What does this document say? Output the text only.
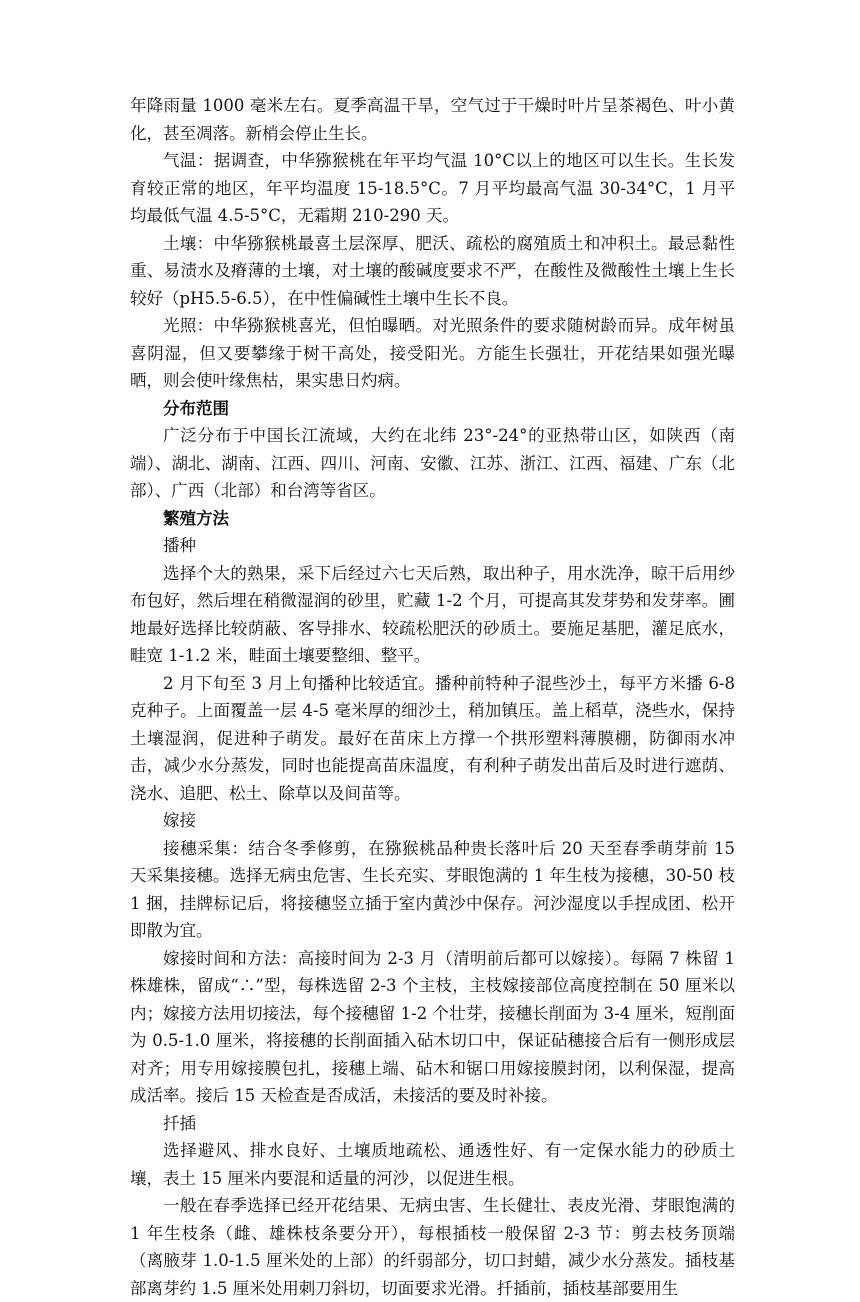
年降雨量 1000 毫米左右。夏季高温干旱，空气过于干燥时叶片呈茶褐色、叶小黄化，甚至凋落。新梢会停止生长。

气温：据调查，中华猕猴桃在年平均气温 10°C以上的地区可以生长。生长发育较正常的地区，年平均温度 15-18.5°C。7 月平均最高气温 30-34°C，1 月平均最低气温 4.5-5°C，无霜期 210-290 天。

土壤：中华猕猴桃最喜土层深厚、肥沃、疏松的腐殖质土和冲积土。最忌黏性重、易渍水及瘠薄的土壤，对土壤的酸碱度要求不严，在酸性及微酸性土壤上生长较好（pH5.5-6.5），在中性偏碱性土壤中生长不良。

光照：中华猕猴桃喜光，但怕曝晒。对光照条件的要求随树龄而异。成年树虽喜阴湿，但又要攀缘于树干高处，接受阳光。方能生长强壮，开花结果如强光曝晒，则会使叶缘焦枯，果实患日灼病。

分布范围

广泛分布于中国长江流域，大约在北纬 23°-24°的亚热带山区，如陕西（南端）、湖北、湖南、江西、四川、河南、安徽、江苏、浙江、江西、福建、广东（北部）、广西（北部）和台湾等省区。

繁殖方法

播种

选择个大的熟果，采下后经过六七天后熟，取出种子，用水洗净，晾干后用纱布包好，然后埋在稍微湿润的砂里，贮藏 1-2 个月，可提高其发芽势和发芽率。圃地最好选择比较荫蔽、客导排水、较疏松肥沃的砂质土。要施足基肥，灌足底水，畦宽 1-1.2 米，畦面土壤要整细、整平。

2 月下旬至 3 月上旬播种比较适宜。播种前特种子混些沙土，每平方米播 6-8 克种子。上面覆盖一层 4-5 毫米厚的细沙土，稍加镇压。盖上稻草，浇些水，保持土壤湿润，促进种子萌发。最好在苗床上方撑一个拱形塑料薄膜棚，防御雨水冲击，减少水分蒸发，同时也能提高苗床温度，有利种子萌发出苗后及时进行遮荫、浇水、追肥、松土、除草以及间苗等。

嫁接

接穗采集：结合冬季修剪，在猕猴桃品种贵长落叶后 20 天至春季萌芽前 15 天采集接穗。选择无病虫危害、生长充实、芽眼饱满的 1 年生枝为接穗，30-50 枝 1 捆，挂牌标记后，将接穗竖立插于室内黄沙中保存。河沙湿度以手捏成团、松开即散为宜。

嫁接时间和方法：高接时间为 2-3 月（清明前后都可以嫁接）。每隔 7 株留 1 株雄株，留成“∴”型，每株选留 2-3 个主枝，主枝嫁接部位高度控制在 50 厘米以内；嫁接方法用切接法，每个接穗留 1-2 个壮芽，接穗长削面为 3-4 厘米，短削面为 0.5-1.0 厘米，将接穗的长削面插入砧木切口中，保证砧穗接合后有一侧形成层对齐；用专用嫁接膜包扎，接穗上端、砧木和锯口用嫁接膜封闭，以利保湿，提高成活率。接后 15 天检查是否成活，未接活的要及时补接。

扦插

选择避风、排水良好、土壤质地疏松、通透性好、有一定保水能力的砂质土壤，表土 15 厘米内要混和适量的河沙，以促进生根。

一般在春季选择已经开花结果、无病虫害、生长健壮、表皮光滑、芽眼饱满的 1 年生枝条（雌、雄株枝条要分开），每根插枝一般保留 2-3 节：剪去枝务顶端（离腋芽 1.0-1.5 厘米处的上部）的纤弱部分，切口封蜡，减少水分蒸发。插枝基部离芽约 1.5 厘米处用刺刀斜切，切面要求光滑。扦插前，插枝基部要用生
